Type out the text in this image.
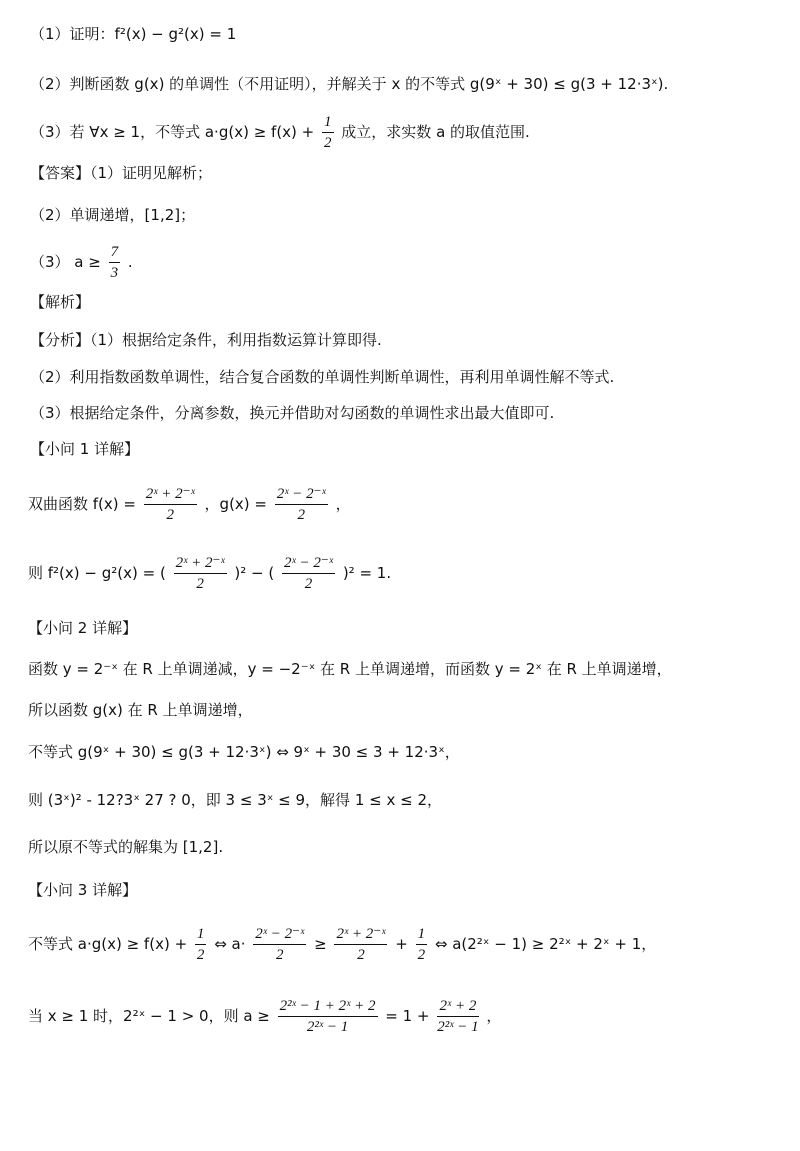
（1）证明：f²(x) − g²(x) = 1
（2）判断函数 g(x) 的单调性（不用证明），并解关于 x 的不等式 g(9ˣ + 30) ≤ g(3 + 12·3ˣ).
（3）若 ∀x ≥ 1，不等式 $a\cdot g(x) \ge f(x) + \frac{1}{2}$ 成立，求实数 a 的取值范围.
【答案】（1）证明见解析；
（2）单调递增，[1,2]；
（3） $a \ge \frac{7}{3}$ .
【解析】
【分析】（1）根据给定条件，利用指数运算计算即得.
（2）利用指数函数单调性，结合复合函数的单调性判断单调性，再利用单调性解不等式.
（3）根据给定条件，分离参数，换元并借助对勾函数的单调性求出最大值即可.
【小问 1 详解】
双曲函数 $f(x) = \frac{\text{2ˣ + 2⁻ˣ}}{2}$ ，$g(x) = \frac{\text{2ˣ − 2⁻ˣ}}{2}$ ，
则 f²(x) − g²(x) = ( $\frac{\text{2ˣ + 2⁻ˣ}}{2} )^2$ − ( $\frac{\text{2ˣ − 2⁻ˣ}}{2} )^2 = 1$.
【小问 2 详解】
函数 y = 2⁻ˣ 在 R 上单调递减，y = −2⁻ˣ 在 R 上单调递增，而函数 y = 2ˣ 在 R 上单调递增，
所以函数 g(x) 在 R 上单调递增，
不等式 g(9ˣ + 30) ≤ g(3 + 12·3ˣ) ⇔ 9ˣ + 30 ≤ 3 + 12·3ˣ，
则 (3ˣ)² - 12?3ˣ 27 ? 0，即 3 ≤ 3ˣ ≤ 9，解得 1 ≤ x ≤ 2，
所以原不等式的解集为 [1,2].
【小问 3 详解】
不等式 $a\cdot g(x) \ge f(x) + \frac{1}{2}$ ⇔ $a\cdot \frac{\text{2ˣ − 2⁻ˣ}}{2} \ge \frac{\text{2ˣ + 2⁻ˣ}}{2} + \frac{1}{2}$ ⇔ a(2²ˣ − 1) ≥ 2²ˣ + 2ˣ + 1，
当 x ≥ 1 时，2²ˣ − 1 > 0，则 $a \ge \frac{\text{2²ˣ − 1 + 2ˣ + 2}}{\text{2²ˣ − 1}} = 1 + \frac{\text{2ˣ + 2}}{\text{2²ˣ − 1}}$ ，
